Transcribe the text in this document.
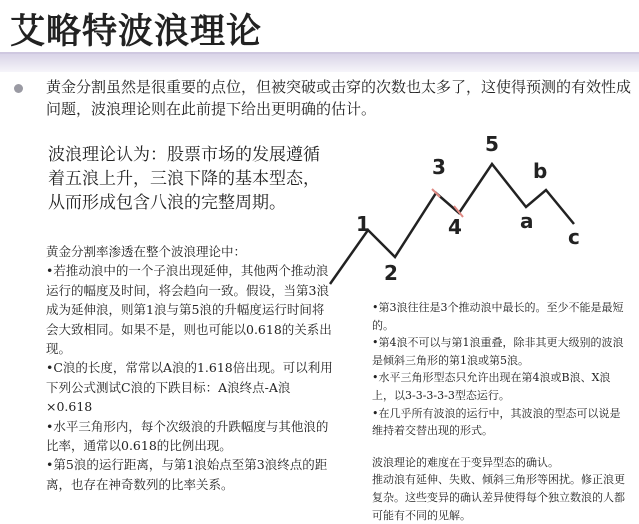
艾略特波浪理论
黄金分割虽然是很重要的点位，但被突破或击穿的次数也太多了，这使得预测的有效性成问题，波浪理论则在此前提下给出更明确的估计。
波浪理论认为：股票市场的发展遵循着五浪上升，三浪下降的基本型态，从而形成包含八浪的完整周期。
1
2
3
4
5
a
b
c

黄金分割率渗透在整个波浪理论中：

•若推动浪中的一个子浪出现延伸，其他两个推动浪运行的幅度及时间，将会趋向一致。假设，当第3浪成为延伸浪，则第1浪与第5浪的升幅度运行时间将会大致相同。如果不是，则也可能以0.618的关系出现。

•C浪的长度，常常以A浪的1.618倍出现。可以利用下列公式测试C浪的下跌目标：A浪终点-A浪×0.618

•水平三角形内，每个次级浪的升跌幅度与其他浪的比率，通常以0.618的比例出现。

•第5浪的运行距离，与第1浪始点至第3浪终点的距离，也存在神奇数列的比率关系。

•第3浪往往是3个推动浪中最长的。至少不能是最短的。

•第4浪不可以与第1浪重叠，除非其更大级别的波浪是倾斜三角形的第1浪或第5浪。

•水平三角形型态只允许出现在第4浪或B浪、X浪上，以3-3-3-3-3型态运行。

•在几乎所有波浪的运行中，其波浪的型态可以说是维持着交替出现的形式。

波浪理论的难度在于变异型态的确认。

推动浪有延伸、失败、倾斜三角形等困扰。修正浪更复杂。这些变异的确认差异使得每个独立数浪的人都可能有不同的见解。
